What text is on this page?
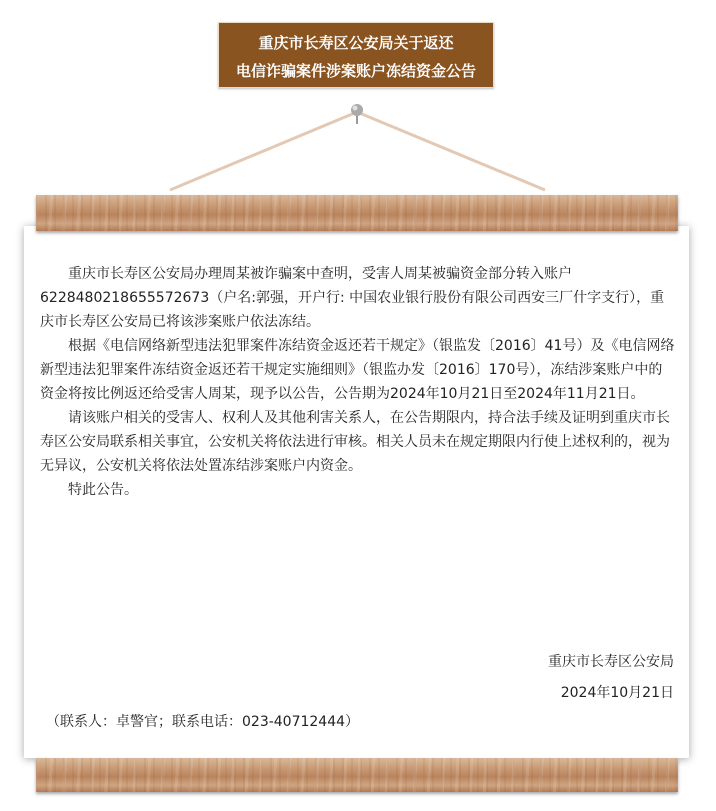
重庆市长寿区公安局关于返还
电信诈骗案件涉案账户冻结资金公告

重庆市长寿区公安局办理周某被诈骗案中查明，受害人周某被骗资金部分转入账户6228480218655572673（户名:郭强，开户行: 中国农业银行股份有限公司西安三厂什字支行），重庆市长寿区公安局已将该涉案账户依法冻结。

根据《电信网络新型违法犯罪案件冻结资金返还若干规定》（银监发〔2016〕41号）及《电信网络新型违法犯罪案件冻结资金返还若干规定实施细则》（银监办发〔2016〕170号），冻结涉案账户中的资金将按比例返还给受害人周某，现予以公告，公告期为2024年10月21日至2024年11月21日。

请该账户相关的受害人、权利人及其他利害关系人，在公告期限内，持合法手续及证明到重庆市长寿区公安局联系相关事宜，公安机关将依法进行审核。相关人员未在规定期限内行使上述权利的，视为无异议，公安机关将依法处置冻结涉案账户内资金。

特此公告。

重庆市长寿区公安局
2024年10月21日
（联系人：卓警官；联系电话：023-40712444）
